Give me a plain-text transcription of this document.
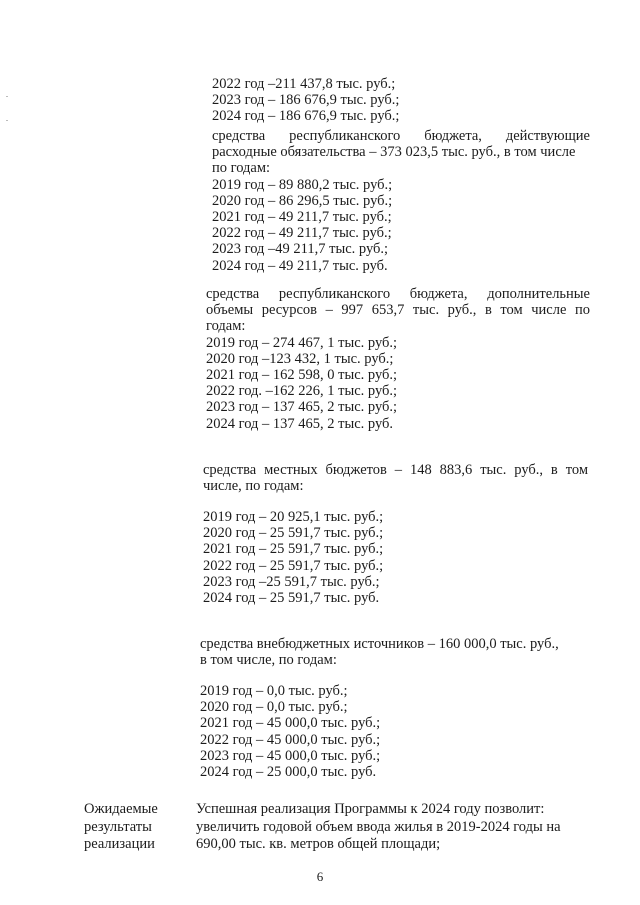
2022 год –211 437,8 тыс. руб.;
2023 год – 186 676,9 тыс. руб.;
2024 год – 186 676,9 тыс. руб.;
средства республиканского бюджета, действующие
расходные обязательства – 373 023,5 тыс. руб., в том числе
по годам:
2019 год – 89 880,2 тыс. руб.;
2020 год – 86 296,5 тыс. руб.;
2021 год – 49 211,7 тыс. руб.;
2022 год – 49 211,7 тыс. руб.;
2023 год –49 211,7 тыс. руб.;
2024 год – 49 211,7 тыс. руб.
средства республиканского бюджета, дополнительные
объемы ресурсов – 997 653,7 тыс. руб., в том числе по
годам:
2019 год – 274 467, 1 тыс. руб.;
2020 год –123 432, 1 тыс. руб.;
2021 год – 162 598, 0 тыс. руб.;
2022 год. –162 226, 1 тыс. руб.;
2023 год – 137 465, 2 тыс. руб.;
2024 год – 137 465, 2 тыс. руб.
средства местных бюджетов – 148 883,6 тыс. руб., в том
числе, по годам:
2019 год – 20 925,1 тыс. руб.;
2020 год – 25 591,7 тыс. руб.;
2021 год – 25 591,7 тыс. руб.;
2022 год – 25 591,7 тыс. руб.;
2023 год –25 591,7 тыс. руб.;
2024 год – 25 591,7 тыс. руб.
средства внебюджетных источников – 160 000,0 тыс. руб.,
в том числе, по годам:
2019 год – 0,0 тыс. руб.;
2020 год – 0,0 тыс. руб.;
2021 год – 45 000,0 тыс. руб.;
2022 год – 45 000,0 тыс. руб.;
2023 год – 45 000,0 тыс. руб.;
2024 год – 25 000,0 тыс. руб.
Ожидаемые
результаты
реализации
Успешная реализация Программы к 2024 году позволит:
увеличить годовой объем ввода жилья в 2019-2024 годы на
690,00 тыс. кв. метров общей площади;
6
